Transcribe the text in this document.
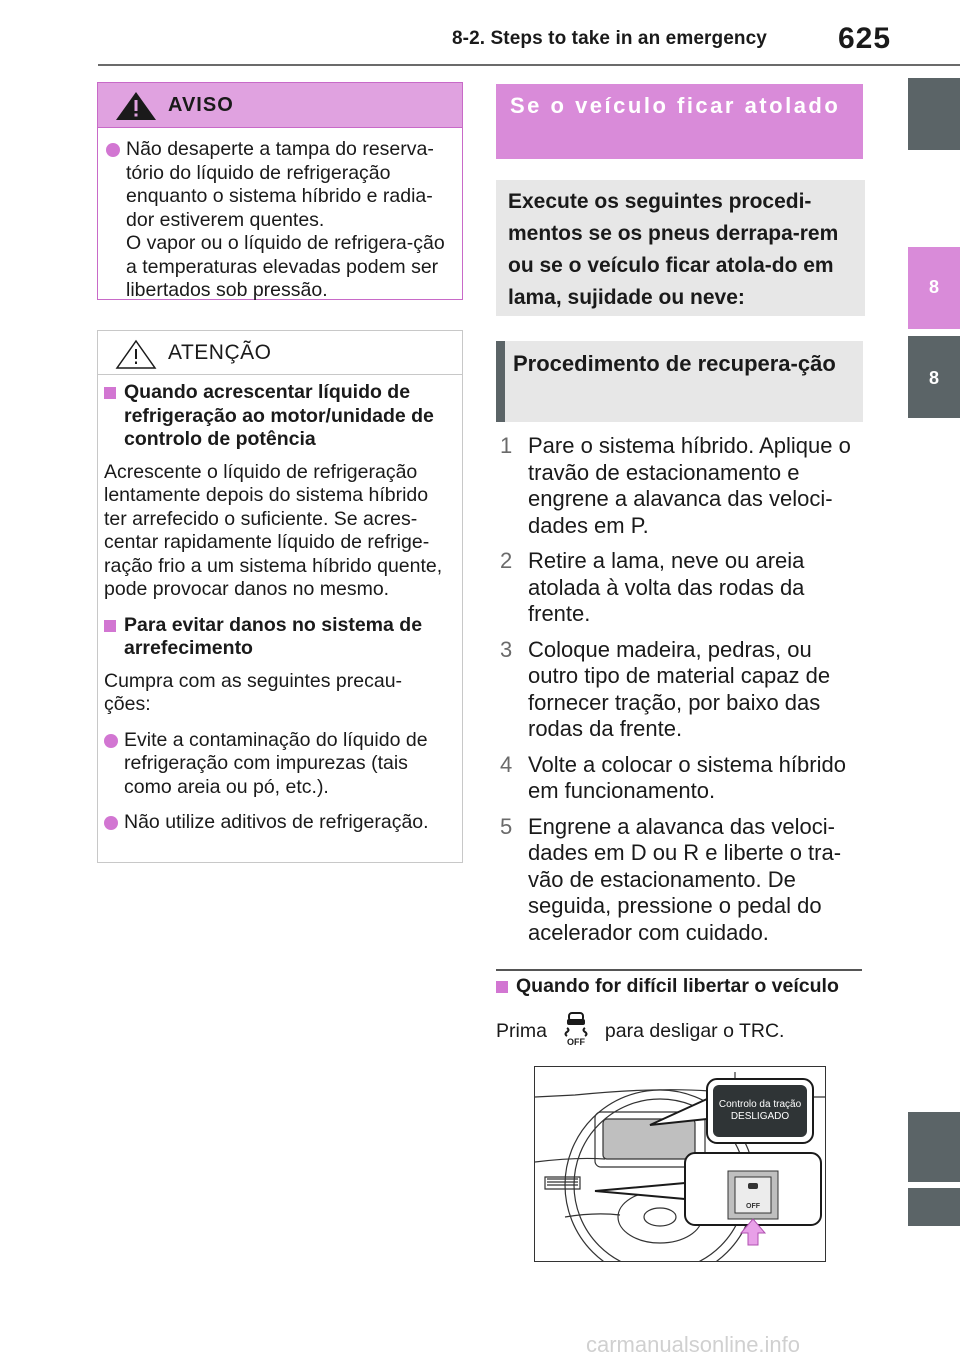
8-2. Steps to take in an emergency 625
8
8
AVISO
Não desaperte a tampa do reserva-tório do líquido de refrigeração enquanto o sistema híbrido e radia-dor estiverem quentes.
O vapor ou o líquido de refrigera-ção a temperaturas elevadas podem ser libertados sob pressão.
ATENÇÃO
Quando acrescentar líquido de refrigeração ao motor/unidade de controlo de potência
Acrescente o líquido de refrigeração lentamente depois do sistema híbrido ter arrefecido o suficiente. Se acres-centar rapidamente líquido de refrige-ração frio a um sistema híbrido quente, pode provocar danos no mesmo.
Para evitar danos no sistema de arrefecimento
Cumpra com as seguintes precau-ções:
Evite a contaminação do líquido de refrigeração com impurezas (tais como areia ou pó, etc.).
Não utilize aditivos de refrigeração.
Se o veículo ficar atolado
Execute os seguintes procedi-mentos se os pneus derrapa-rem ou se o veículo ficar atola-do em lama, sujidade ou neve:
Procedimento de recupera-ção
1 Pare o sistema híbrido. Aplique o travão de estacionamento e engrene a alavanca das veloci-dades em P.
2 Retire a lama, neve ou areia atolada à volta das rodas da frente.
3 Coloque madeira, pedras, ou outro tipo de material capaz de fornecer tração, por baixo das rodas da frente.
4 Volte a colocar o sistema híbrido em funcionamento.
5 Engrene a alavanca das veloci-dades em D ou R e liberte o tra-vão de estacionamento. De seguida, pressione o pedal do acelerador com cuidado.
Quando for difícil libertar o veículo
Prima
OFF
para desligar o TRC.
Controlo da tração
DESLIGADO
OFF
carmanualsonline.info
